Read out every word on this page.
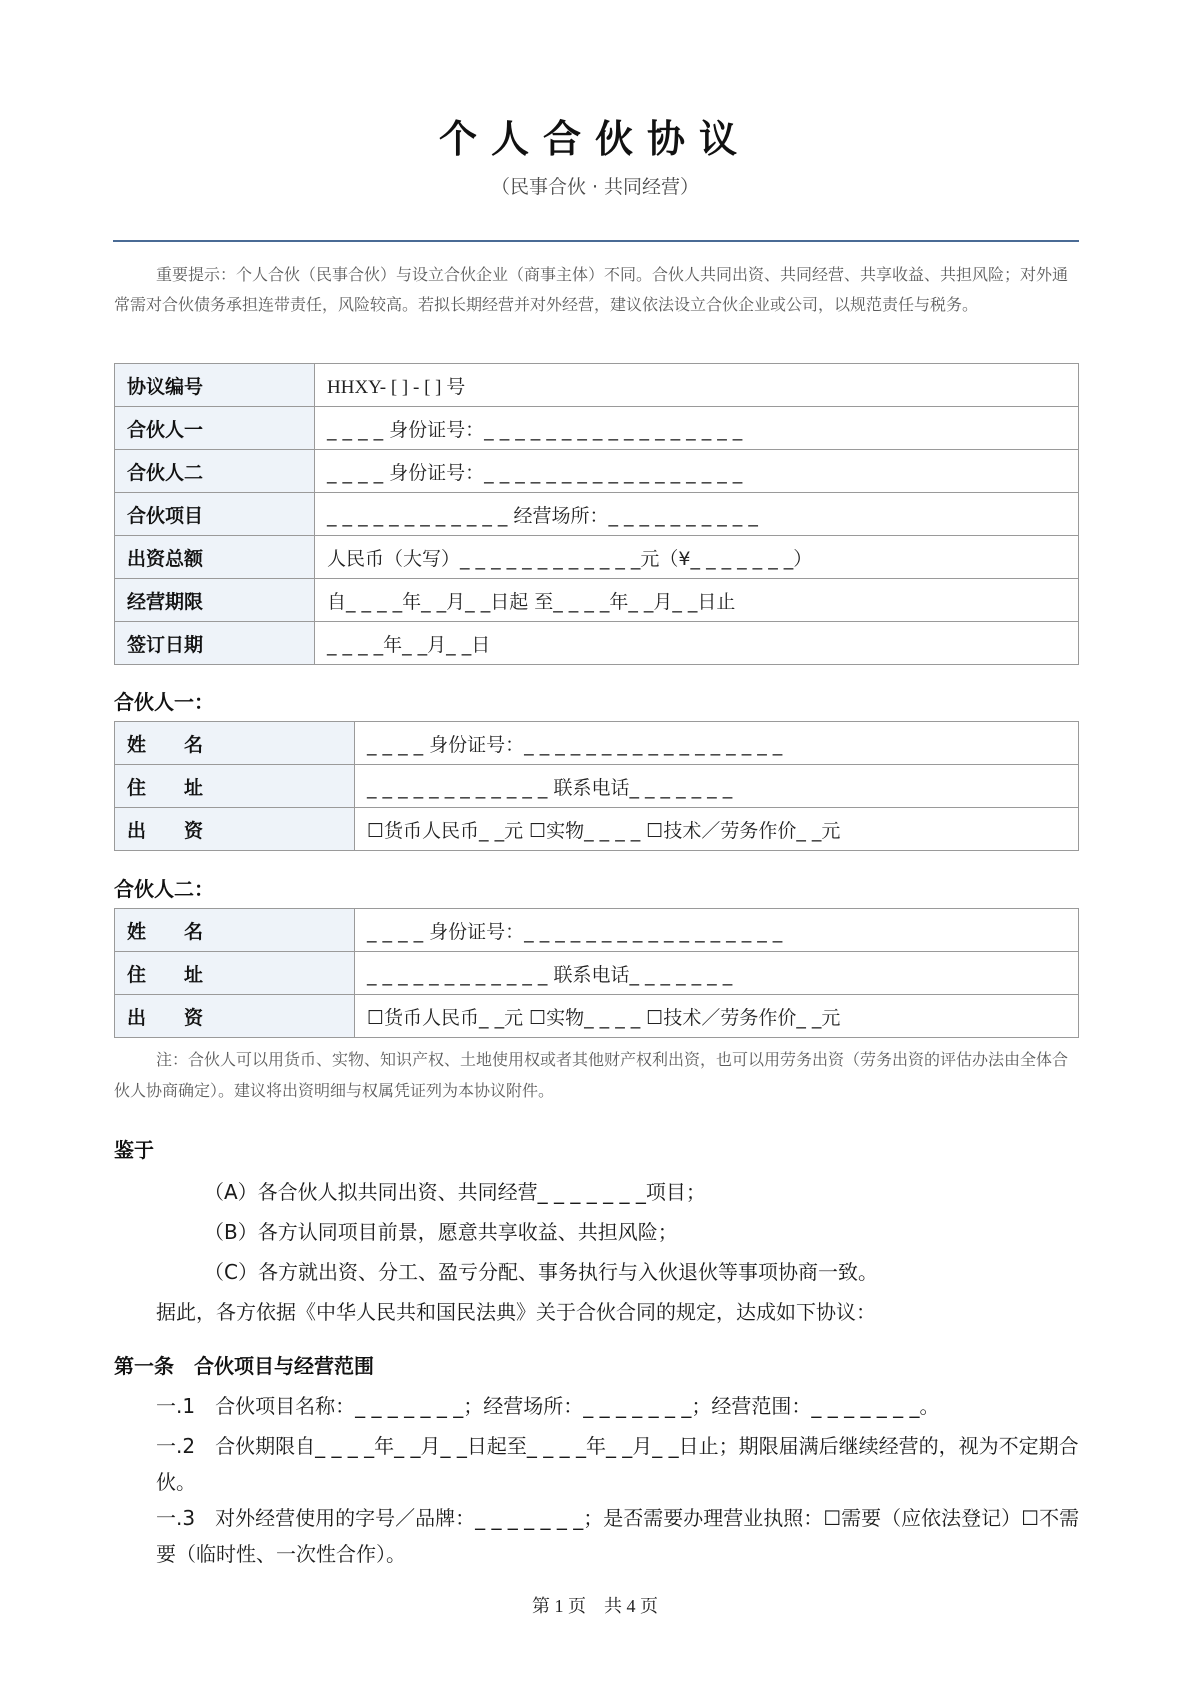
个人合伙协议
（民事合伙 · 共同经营）
重要提示：个人合伙（民事合伙）与设立合伙企业（商事主体）不同。合伙人共同出资、共同经营、共享收益、共担风险；对外通常需对合伙债务承担连带责任，风险较高。若拟长期经营并对外经营，建议依法设立合伙企业或公司，以规范责任与税务。
协议编号	HHXY- [ ] - [ ] 号
合伙人一	_ _ _ _ 身份证号：_ _ _ _ _ _ _ _ _ _ _ _ _ _ _ _ _
合伙人二	_ _ _ _ 身份证号：_ _ _ _ _ _ _ _ _ _ _ _ _ _ _ _ _
合伙项目	_ _ _ _ _ _ _ _ _ _ _ _ 经营场所：_ _ _ _ _ _ _ _ _ _
出资总额	人民币（大写）_ _ _ _ _ _ _ _ _ _ _ _元（¥_ _ _ _ _ _ _）
经营期限	自_ _ _ _年_ _月_ _日起 至_ _ _ _年_ _月_ _日止
签订日期	_ _ _ _年_ _月_ _日
合伙人一：
姓　　名	_ _ _ _ 身份证号：_ _ _ _ _ _ _ _ _ _ _ _ _ _ _ _ _
住　　址	_ _ _ _ _ _ _ _ _ _ _ _ 联系电话_ _ _ _ _ _ _
出　　资	☐货币人民币_ _元 ☐实物_ _ _ _ ☐技术／劳务作价_ _元
合伙人二：
姓　　名	_ _ _ _ 身份证号：_ _ _ _ _ _ _ _ _ _ _ _ _ _ _ _ _
住　　址	_ _ _ _ _ _ _ _ _ _ _ _ 联系电话_ _ _ _ _ _ _
出　　资	☐货币人民币_ _元 ☐实物_ _ _ _ ☐技术／劳务作价_ _元
注：合伙人可以用货币、实物、知识产权、土地使用权或者其他财产权利出资，也可以用劳务出资（劳务出资的评估办法由全体合伙人协商确定）。建议将出资明细与权属凭证列为本协议附件。
鉴于
（A）各合伙人拟共同出资、共同经营_ _ _ _ _ _ _项目；
（B）各方认同项目前景，愿意共享收益、共担风险；
（C）各方就出资、分工、盈亏分配、事务执行与入伙退伙等事项协商一致。
据此，各方依据《中华人民共和国民法典》关于合伙合同的规定，达成如下协议：
第一条　合伙项目与经营范围
一.1　合伙项目名称：_ _ _ _ _ _ _；经营场所：_ _ _ _ _ _ _；经营范围：_ _ _ _ _ _ _。
一.2　合伙期限自_ _ _ _年_ _月_ _日起至_ _ _ _年_ _月_ _日止；期限届满后继续经营的，视为不定期合伙。
一.3　对外经营使用的字号／品牌：_ _ _ _ _ _ _；是否需要办理营业执照：☐需要（应依法登记）☐不需要（临时性、一次性合作）。
第 1 页　共 4 页
